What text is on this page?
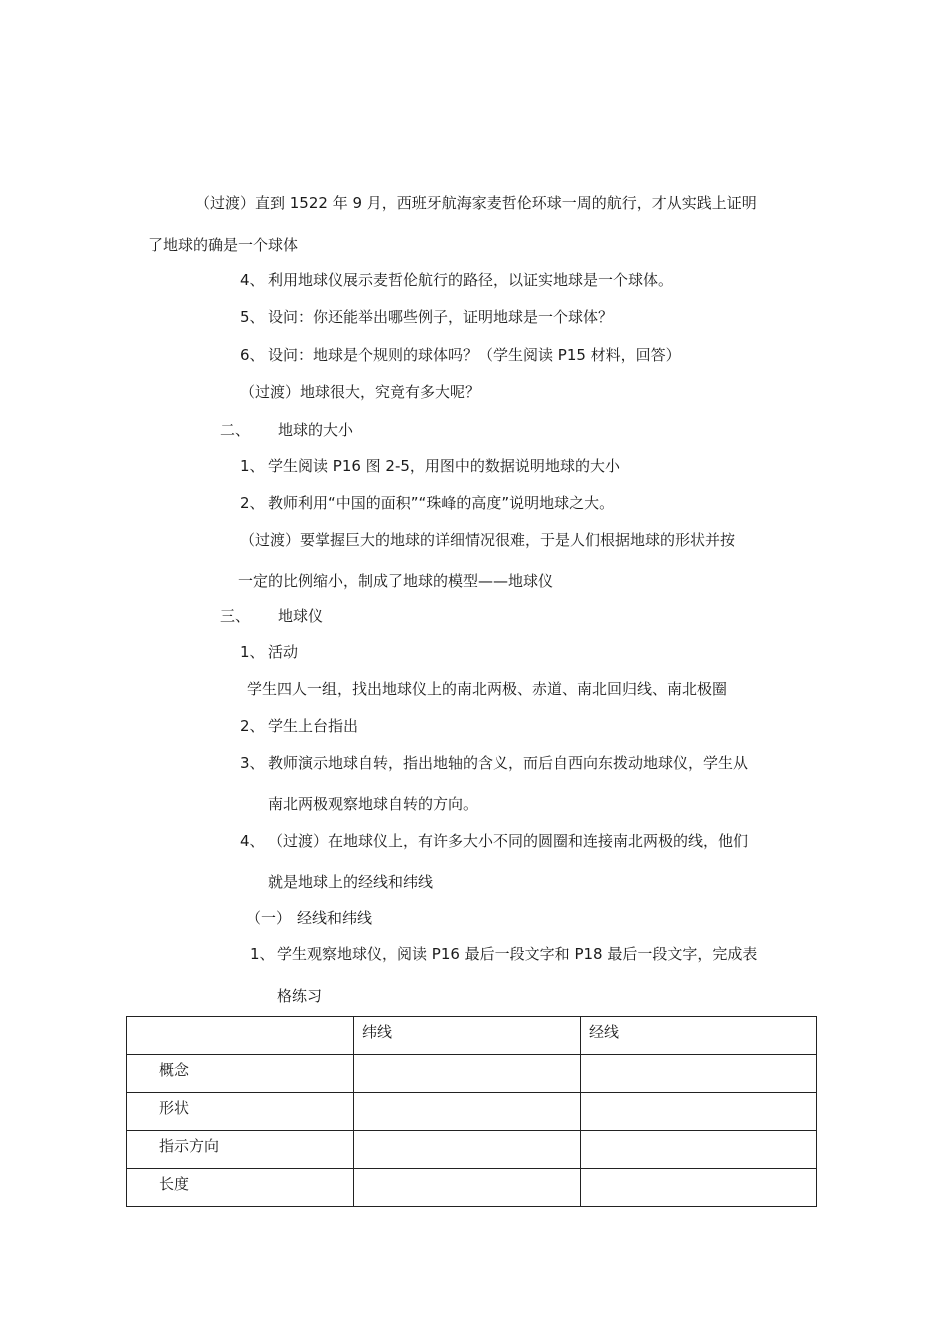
（过渡）直到 1522 年 9 月，西班牙航海家麦哲伦环球一周的航行，才从实践上证明
了地球的确是一个球体
4、 利用地球仪展示麦哲伦航行的路径，以证实地球是一个球体。
5、 设问：你还能举出哪些例子，证明地球是一个球体？
6、 设问：地球是个规则的球体吗？（学生阅读 P15 材料，回答）
（过渡）地球很大，究竟有多大呢？
二、 地球的大小
1、 学生阅读 P16 图 2-5，用图中的数据说明地球的大小
2、 教师利用“中国的面积”“珠峰的高度”说明地球之大。
（过渡）要掌握巨大的地球的详细情况很难，于是人们根据地球的形状并按
一定的比例缩小，制成了地球的模型——地球仪
三、 地球仪
1、 活动
学生四人一组，找出地球仪上的南北两极、赤道、南北回归线、南北极圈
2、 学生上台指出
3、 教师演示地球自转，指出地轴的含义，而后自西向东拨动地球仪，学生从
南北两极观察地球自转的方向。
4、 （过渡）在地球仪上，有许多大小不同的圆圈和连接南北两极的线，他们
就是地球上的经线和纬线
（一） 经线和纬线
1、 学生观察地球仪，阅读 P16 最后一段文字和 P18 最后一段文字，完成表
格练习

	纬线	经线

概念		

形状		

指示方向		

长度		
